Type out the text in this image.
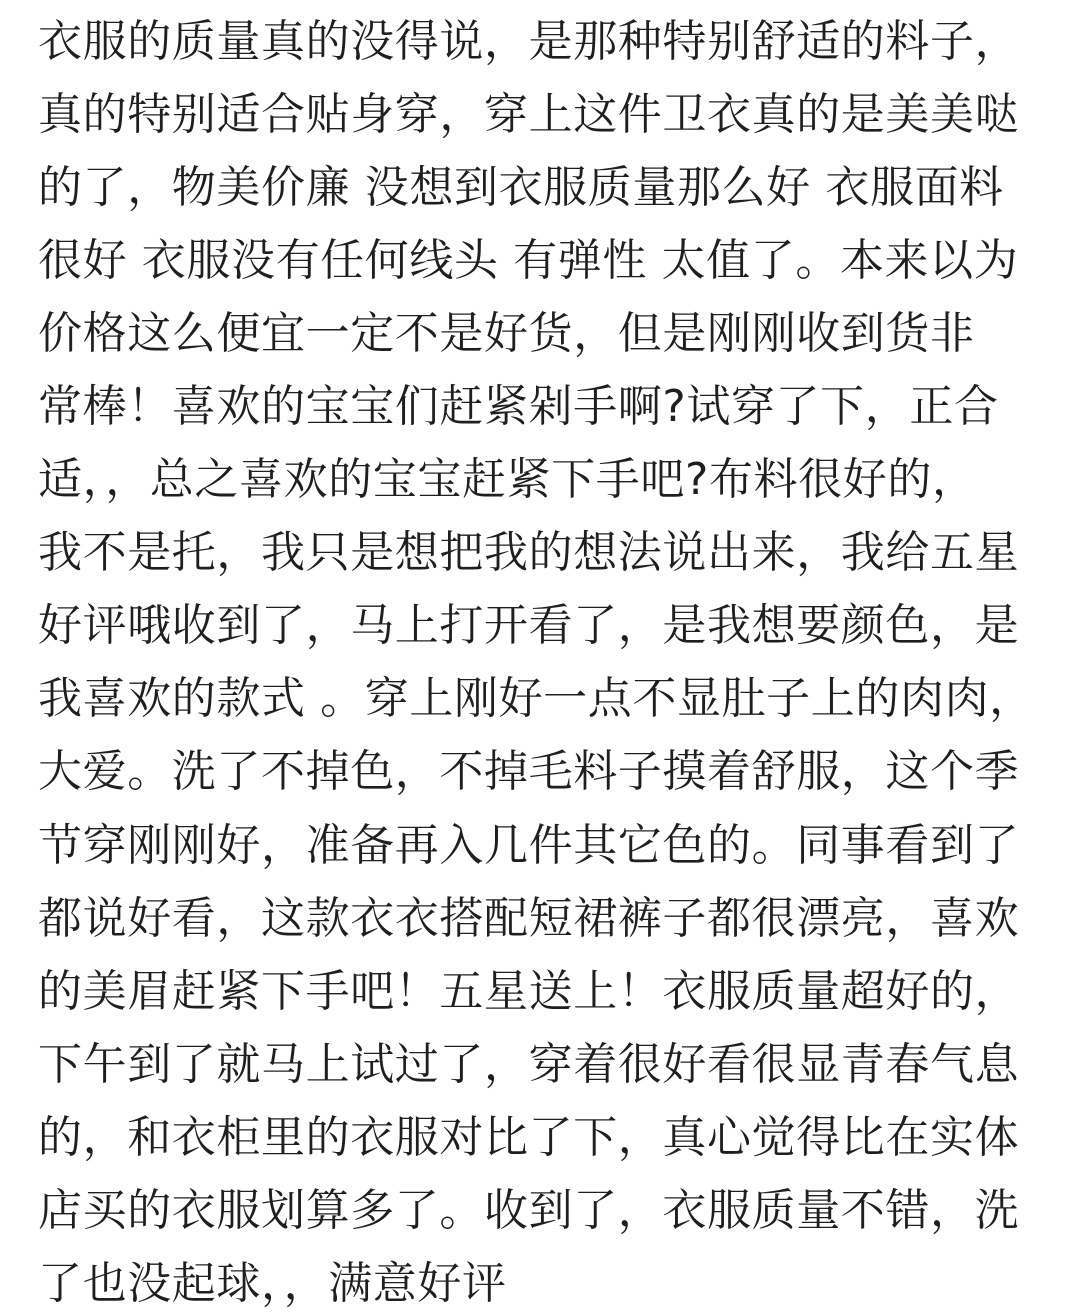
衣服的质量真的没得说，是那种特别舒适的料子，
真的特别适合贴身穿，穿上这件卫衣真的是美美哒
的了，物美价廉 没想到衣服质量那么好 衣服面料
很好 衣服没有任何线头 有弹性 太值了。本来以为
价格这么便宜一定不是好货，但是刚刚收到货非
常棒！喜欢的宝宝们赶紧剁手啊?试穿了下，正合
适，，总之喜欢的宝宝赶紧下手吧?布料很好的，
我不是托，我只是想把我的想法说出来，我给五星
好评哦收到了，马上打开看了，是我想要颜色，是
我喜欢的款式 。穿上刚好一点不显肚子上的肉肉，
大爱。洗了不掉色，不掉毛料子摸着舒服，这个季
节穿刚刚好，准备再入几件其它色的。同事看到了
都说好看，这款衣衣搭配短裙裤子都很漂亮，喜欢
的美眉赶紧下手吧！五星送上！衣服质量超好的，
下午到了就马上试过了，穿着很好看很显青春气息
的，和衣柜里的衣服对比了下，真心觉得比在实体
店买的衣服划算多了。收到了，衣服质量不错，洗
了也没起球，，满意好评
